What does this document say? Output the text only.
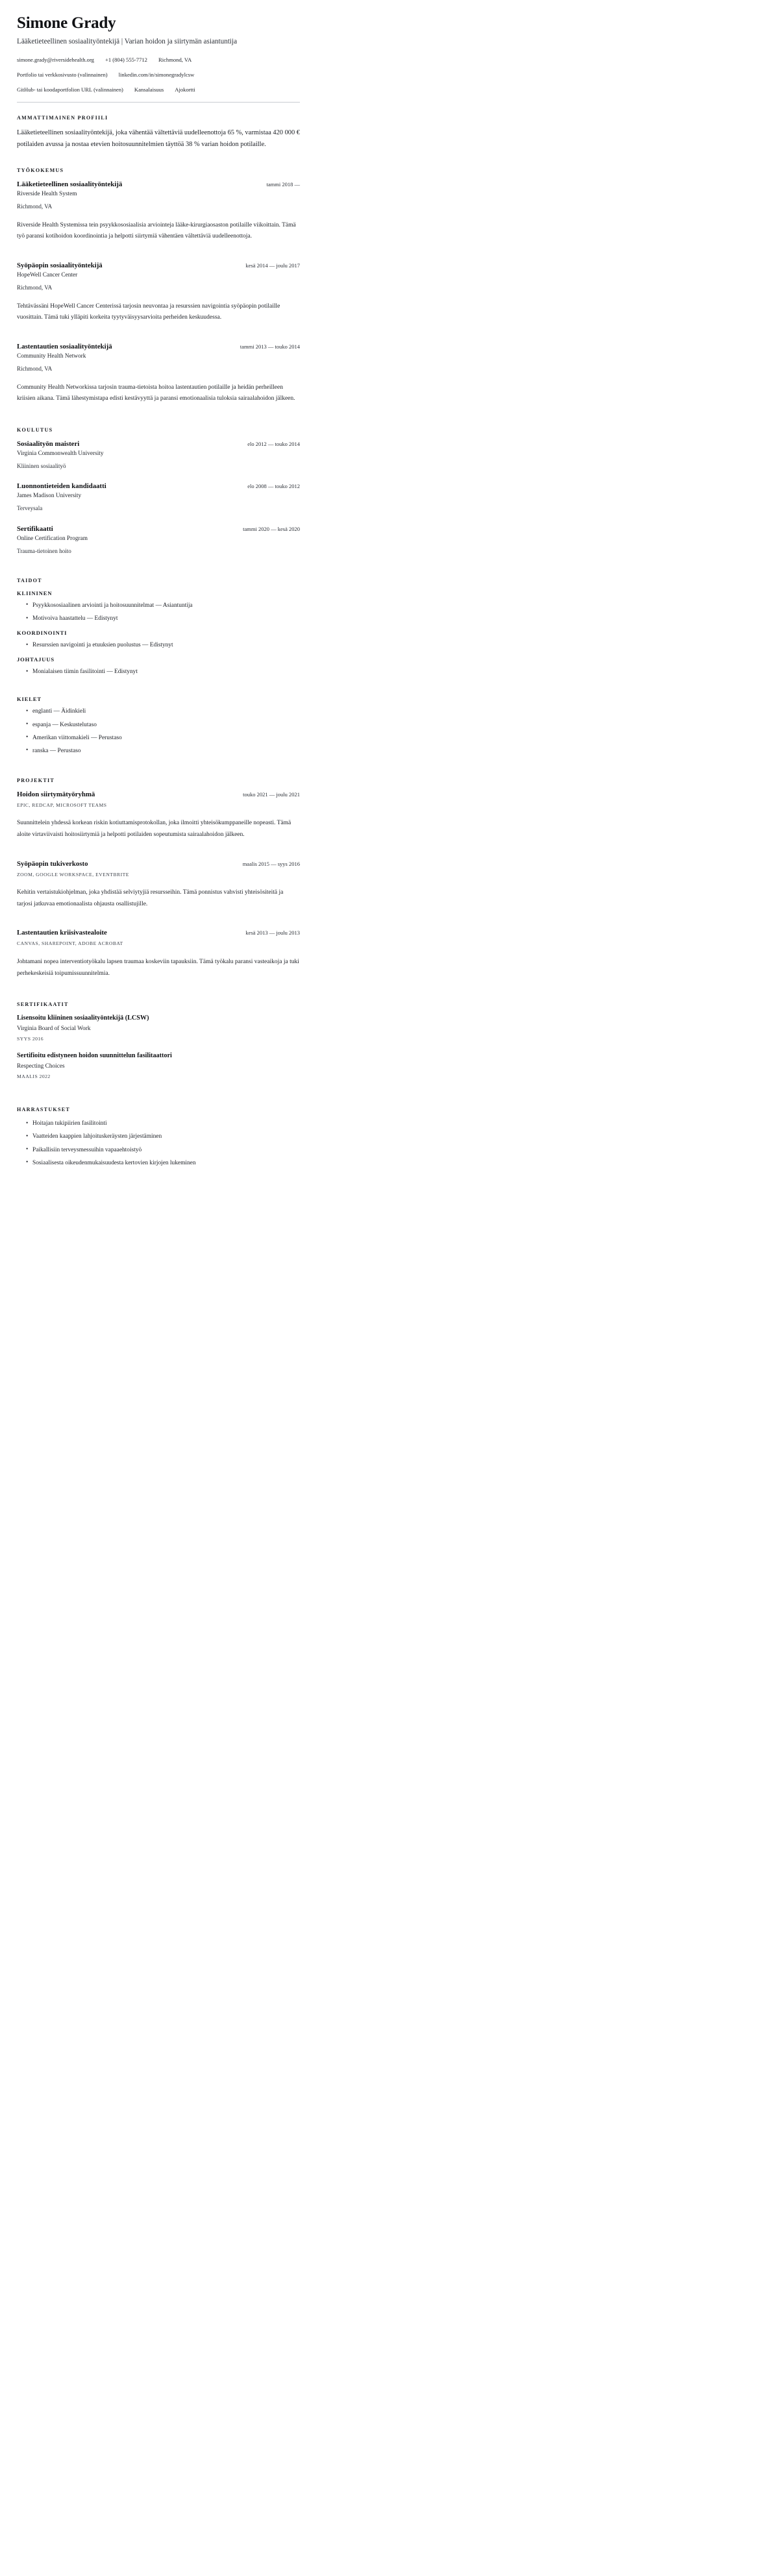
Simone Grady
Lääketieteellinen sosiaalityöntekijä | Varian hoidon ja siirtymän asiantuntija
simone.grady@riversidehealth.org +1 (804) 555-7712 Richmond, VA
Portfolio tai verkkosivusto (valinnainen) linkedin.com/in/simonegradylcsw
GitHub- tai koodaportfolion URL (valinnainen) Kansalaisuus Ajokortti
AMMATTIMAINEN PROFIILI

Lääketieteellinen sosiaalityöntekijä, joka vähentää vältettäviä uudelleenottoja 65 %, varmistaa 420 000 € potilaiden avussa ja nostaa etevien hoitosuunnitelmien täyttöä 38 % varian hoidon potilaille.

TYÖKOKEMUS
Lääketieteellinen sosiaalityöntekijä	tammi 2018 —
Riverside Health System
Richmond, VA

Riverside Health Systemissa tein psyykkososiaalisia arviointeja lääke-kirurgiaosaston potilaille viikoittain. Tämä työ paransi kotihoidon koordinointia ja helpotti siirtymiä vähentäen vältettäviä uudelleenottoja.

Syöpäopin sosiaalityöntekijä	kesä 2014 — joulu 2017
HopeWell Cancer Center
Richmond, VA

Tehtävässäni HopeWell Cancer Centerissä tarjosin neuvontaa ja resurssien navigointia syöpäopin potilaille vuosittain. Tämä tuki ylläpiti korkeita tyytyväisyysarvioita perheiden keskuudessa.

Lastentautien sosiaalityöntekijä	tammi 2013 — touko 2014
Community Health Network
Richmond, VA

Community Health Networkissa tarjosin trauma-tietoista hoitoa lastentautien potilaille ja heidän perheilleen kriisien aikana. Tämä lähestymistapa edisti kestävyyttä ja paransi emotionaalisia tuloksia sairaalahoidon jälkeen.

KOULUTUS
Sosiaalityön maisteri	elo 2012 — touko 2014
Virginia Commonwealth University
Kliininen sosiaalityö
Luonnontieteiden kandidaatti	elo 2008 — touko 2012
James Madison University
Terveysala
Sertifikaatti	tammi 2020 — kesä 2020
Online Certification Program
Trauma-tietoinen hoito
TAIDOT
KLIININEN
• Psyykkososiaalinen arviointi ja hoitosuunnitelmat — Asiantuntija
• Motivoiva haastattelu — Edistynyt
KOORDINOINTI
• Resurssien navigointi ja etuuksien puolustus — Edistynyt
JOHTAJUUS
• Monialaisen tiimin fasilitointi — Edistynyt
KIELET
• englanti — Äidinkieli
• espanja — Keskustelutaso
• Amerikan viittomakieli — Perustaso
• ranska — Perustaso
PROJEKTIT
Hoidon siirtymätyöryhmä	touko 2021 — joulu 2021
EPIC, REDCAP, MICROSOFT TEAMS

Suunnittelein yhdessä korkean riskin kotiuttamisprotokollan, joka ilmoitti yhteisökumppaneille nopeasti. Tämä aloite virtaviivaisti hoitosiirtymiä ja helpotti potilaiden sopeutumista sairaalahoidon jälkeen.

Syöpäopin tukiverkosto	maalis 2015 — syys 2016
ZOOM, GOOGLE WORKSPACE, EVENTBRITE

Kehitin vertaistukiohjelman, joka yhdistää selviytyjiä resursseihin. Tämä ponnistus vahvisti yhteisösiteitä ja tarjosi jatkuvaa emotionaalista ohjausta osallistujille.

Lastentautien kriisivastealoite	kesä 2013 — joulu 2013
CANVAS, SHAREPOINT, ADOBE ACROBAT

Johtamani nopea interventiotyökalu lapsen traumaa koskeviin tapauksiin. Tämä työkalu paransi vasteaikoja ja tuki perhekeskeisiä toipumissuunnitelmia.

SERTIFIKAATIT
Lisensoitu kliininen sosiaalityöntekijä (LCSW)
Virginia Board of Social Work
SYYS 2016
Sertifioitu edistyneen hoidon suunnittelun fasilitaattori
Respecting Choices
MAALIS 2022
HARRASTUKSET
• Hoitajan tukipiirien fasilitointi
• Vaatteiden kaappien lahjoituskeräysten järjestäminen
• Paikallisiin terveysmessuihin vapaaehtoistyö
• Sosiaalisesta oikeudenmukaisuudesta kertovien kirjojen lukeminen
